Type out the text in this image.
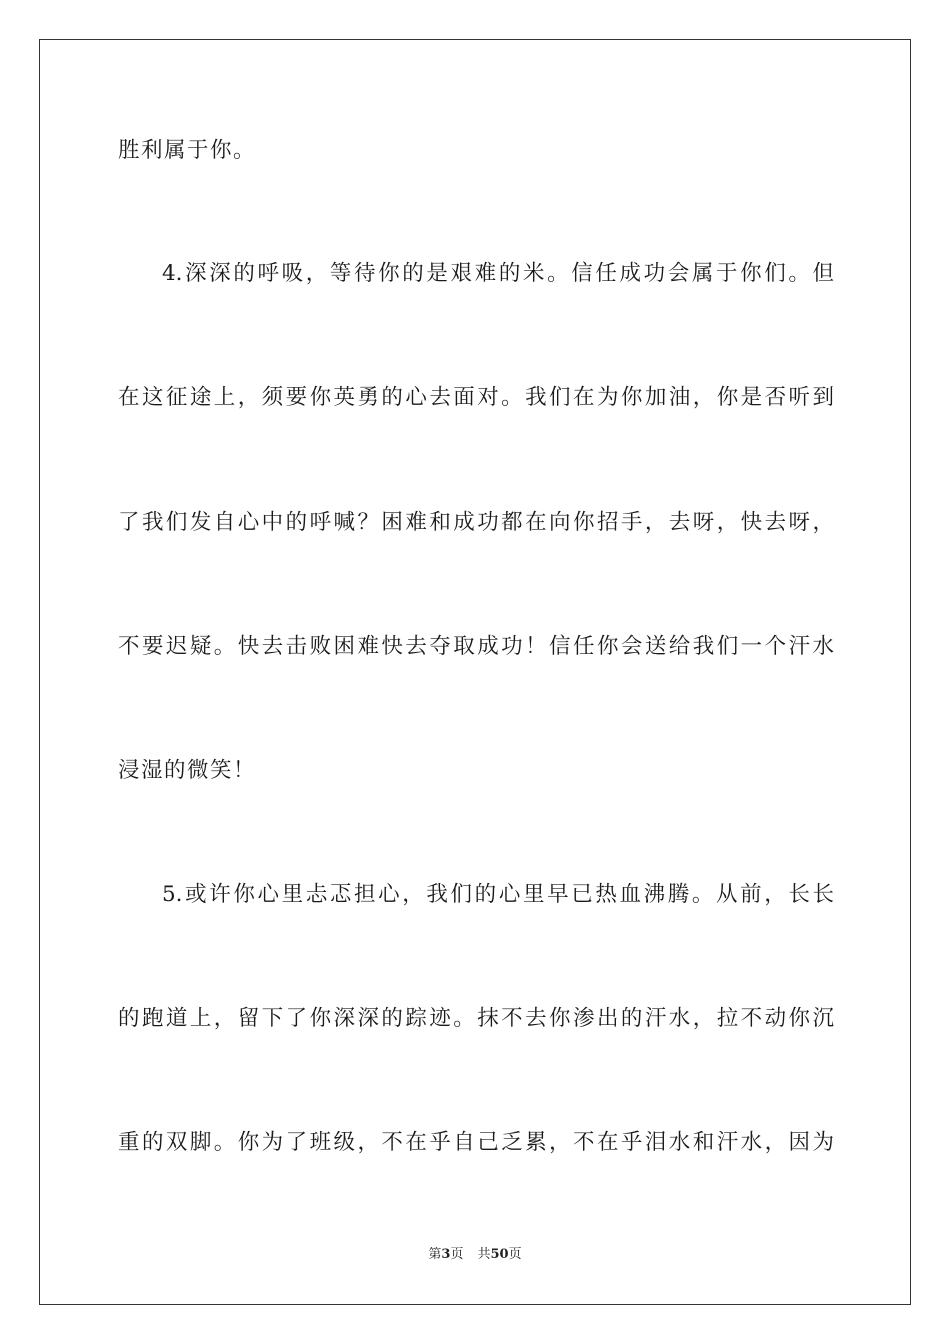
胜利属于你。
4.深深的呼吸，等待你的是艰难的米。信任成功会属于你们。但
在这征途上，须要你英勇的心去面对。我们在为你加油，你是否听到
了我们发自心中的呼喊？困难和成功都在向你招手，去呀，快去呀，
不要迟疑。快去击败困难快去夺取成功！信任你会送给我们一个汗水
浸湿的微笑！
5.或许你心里忐忑担心，我们的心里早已热血沸腾。从前，长长
的跑道上，留下了你深深的踪迹。抹不去你渗出的汗水，拉不动你沉
重的双脚。你为了班级，不在乎自己乏累，不在乎泪水和汗水，因为
第3页 共50页
